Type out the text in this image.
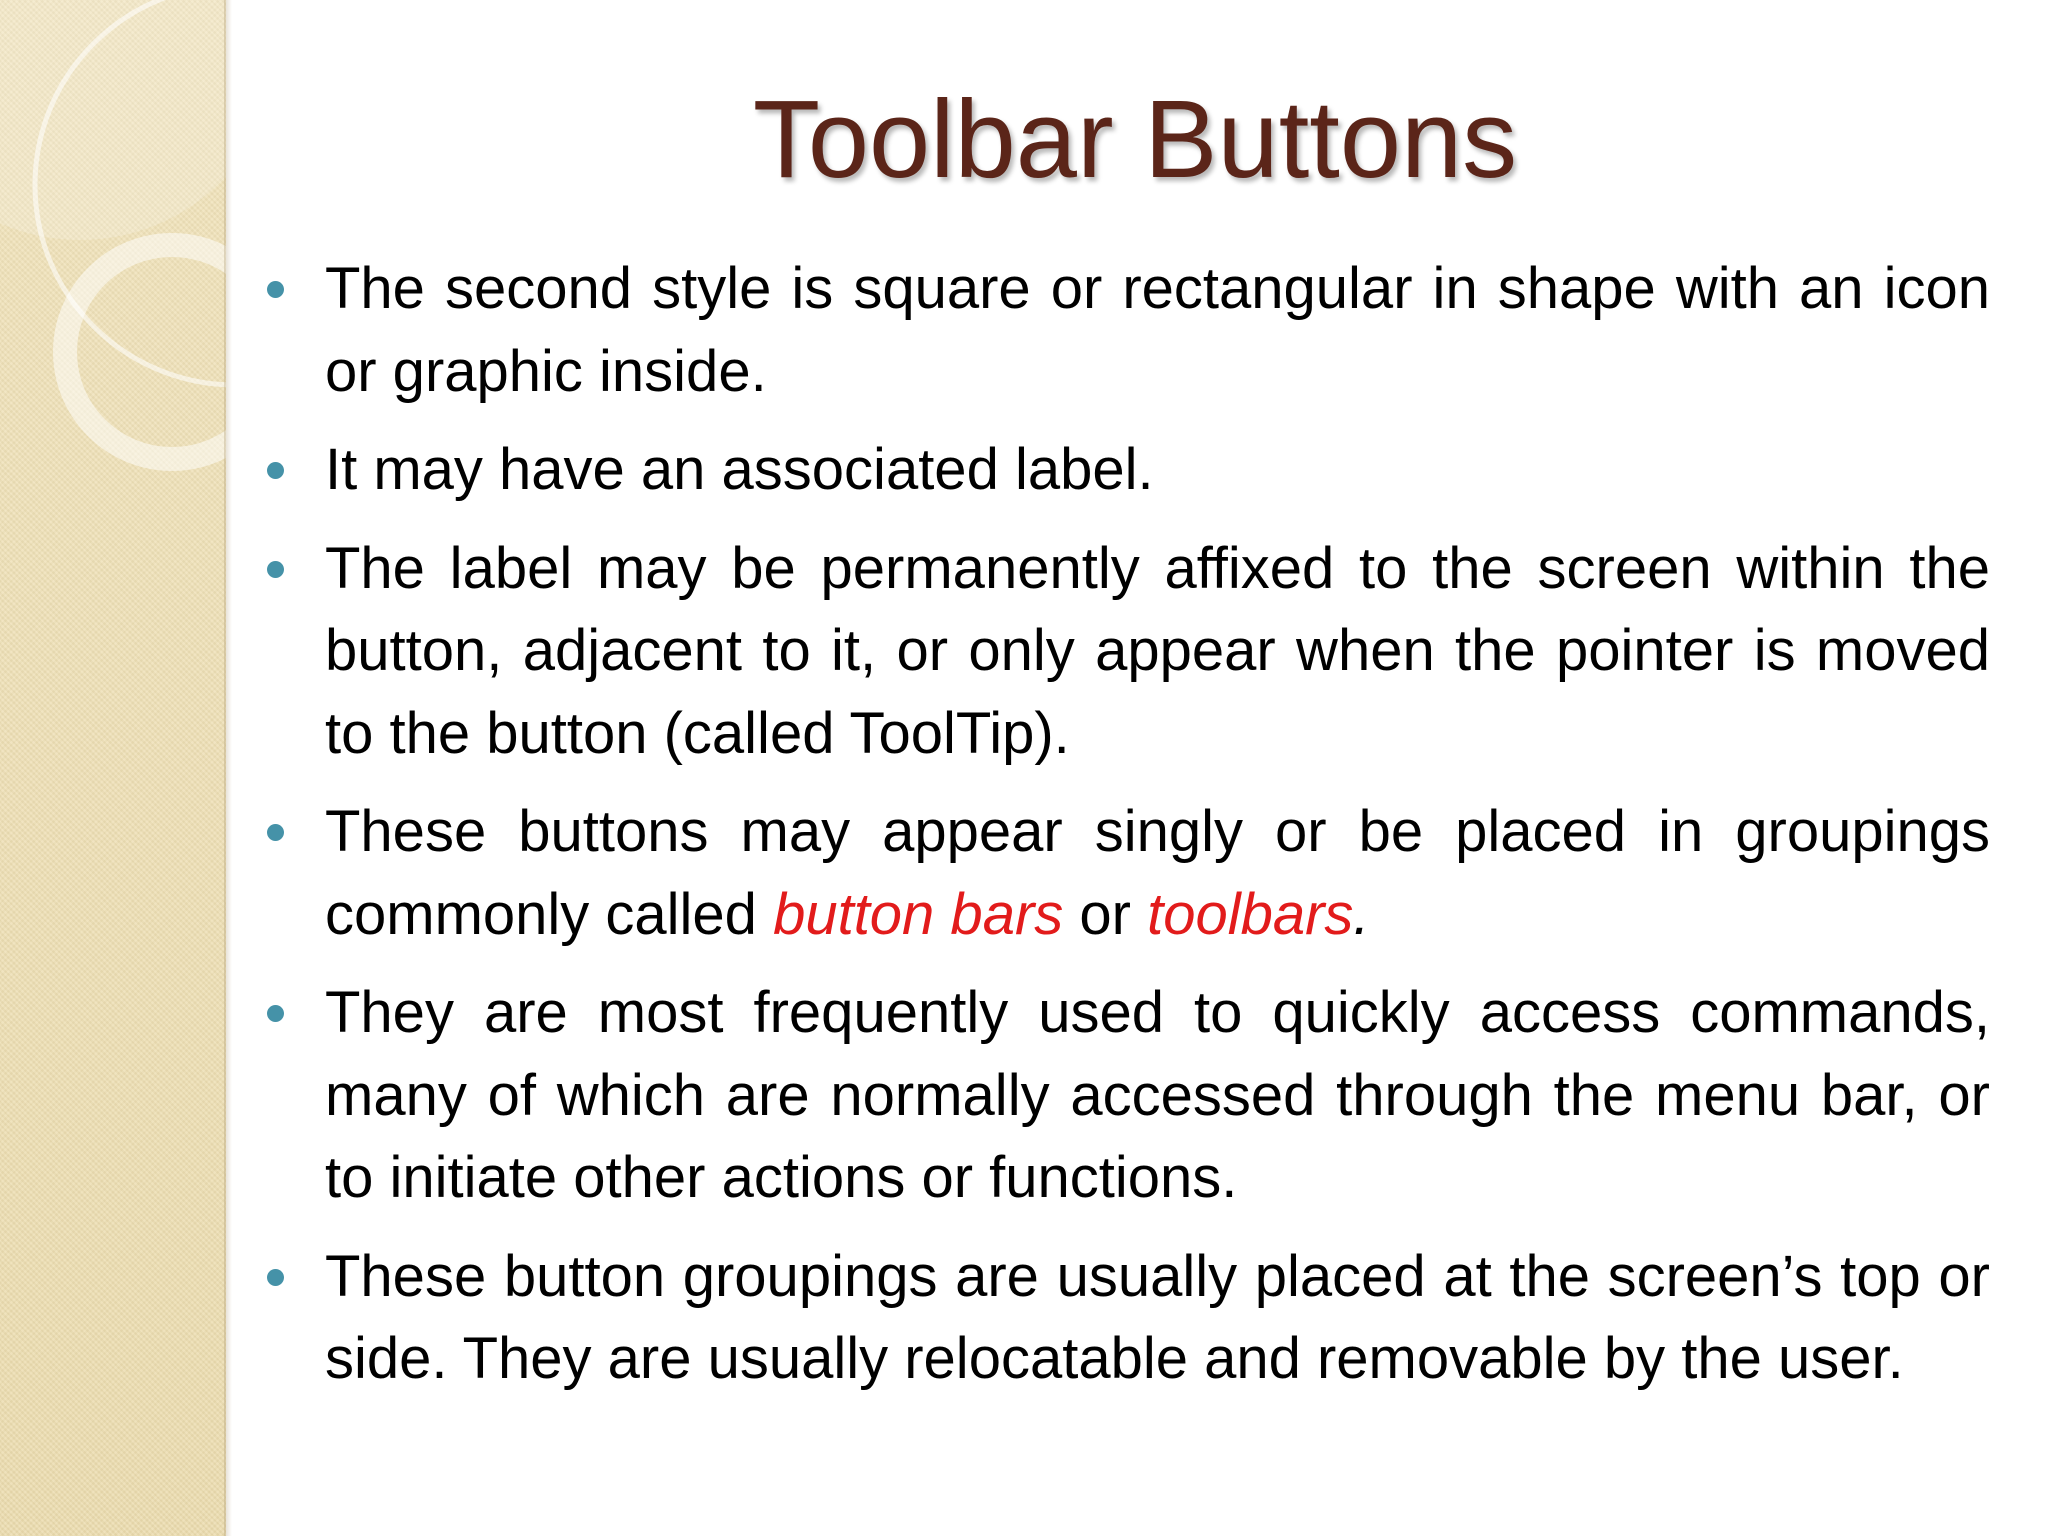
Toolbar Buttons
The second style is square or rectangular in shape with an icon or graphic inside.
It may have an associated label.
The label may be permanently affixed to the screen within the button, adjacent to it, or only appear when the pointer is moved to the button (called ToolTip).
These buttons may appear singly or be placed in groupings commonly called button bars or toolbars.
They are most frequently used to quickly access commands, many of which are normally accessed through the menu bar, or to initiate other actions or functions.
These button groupings are usually placed at the screen’s top or side. They are usually relocatable and removable by the user.
